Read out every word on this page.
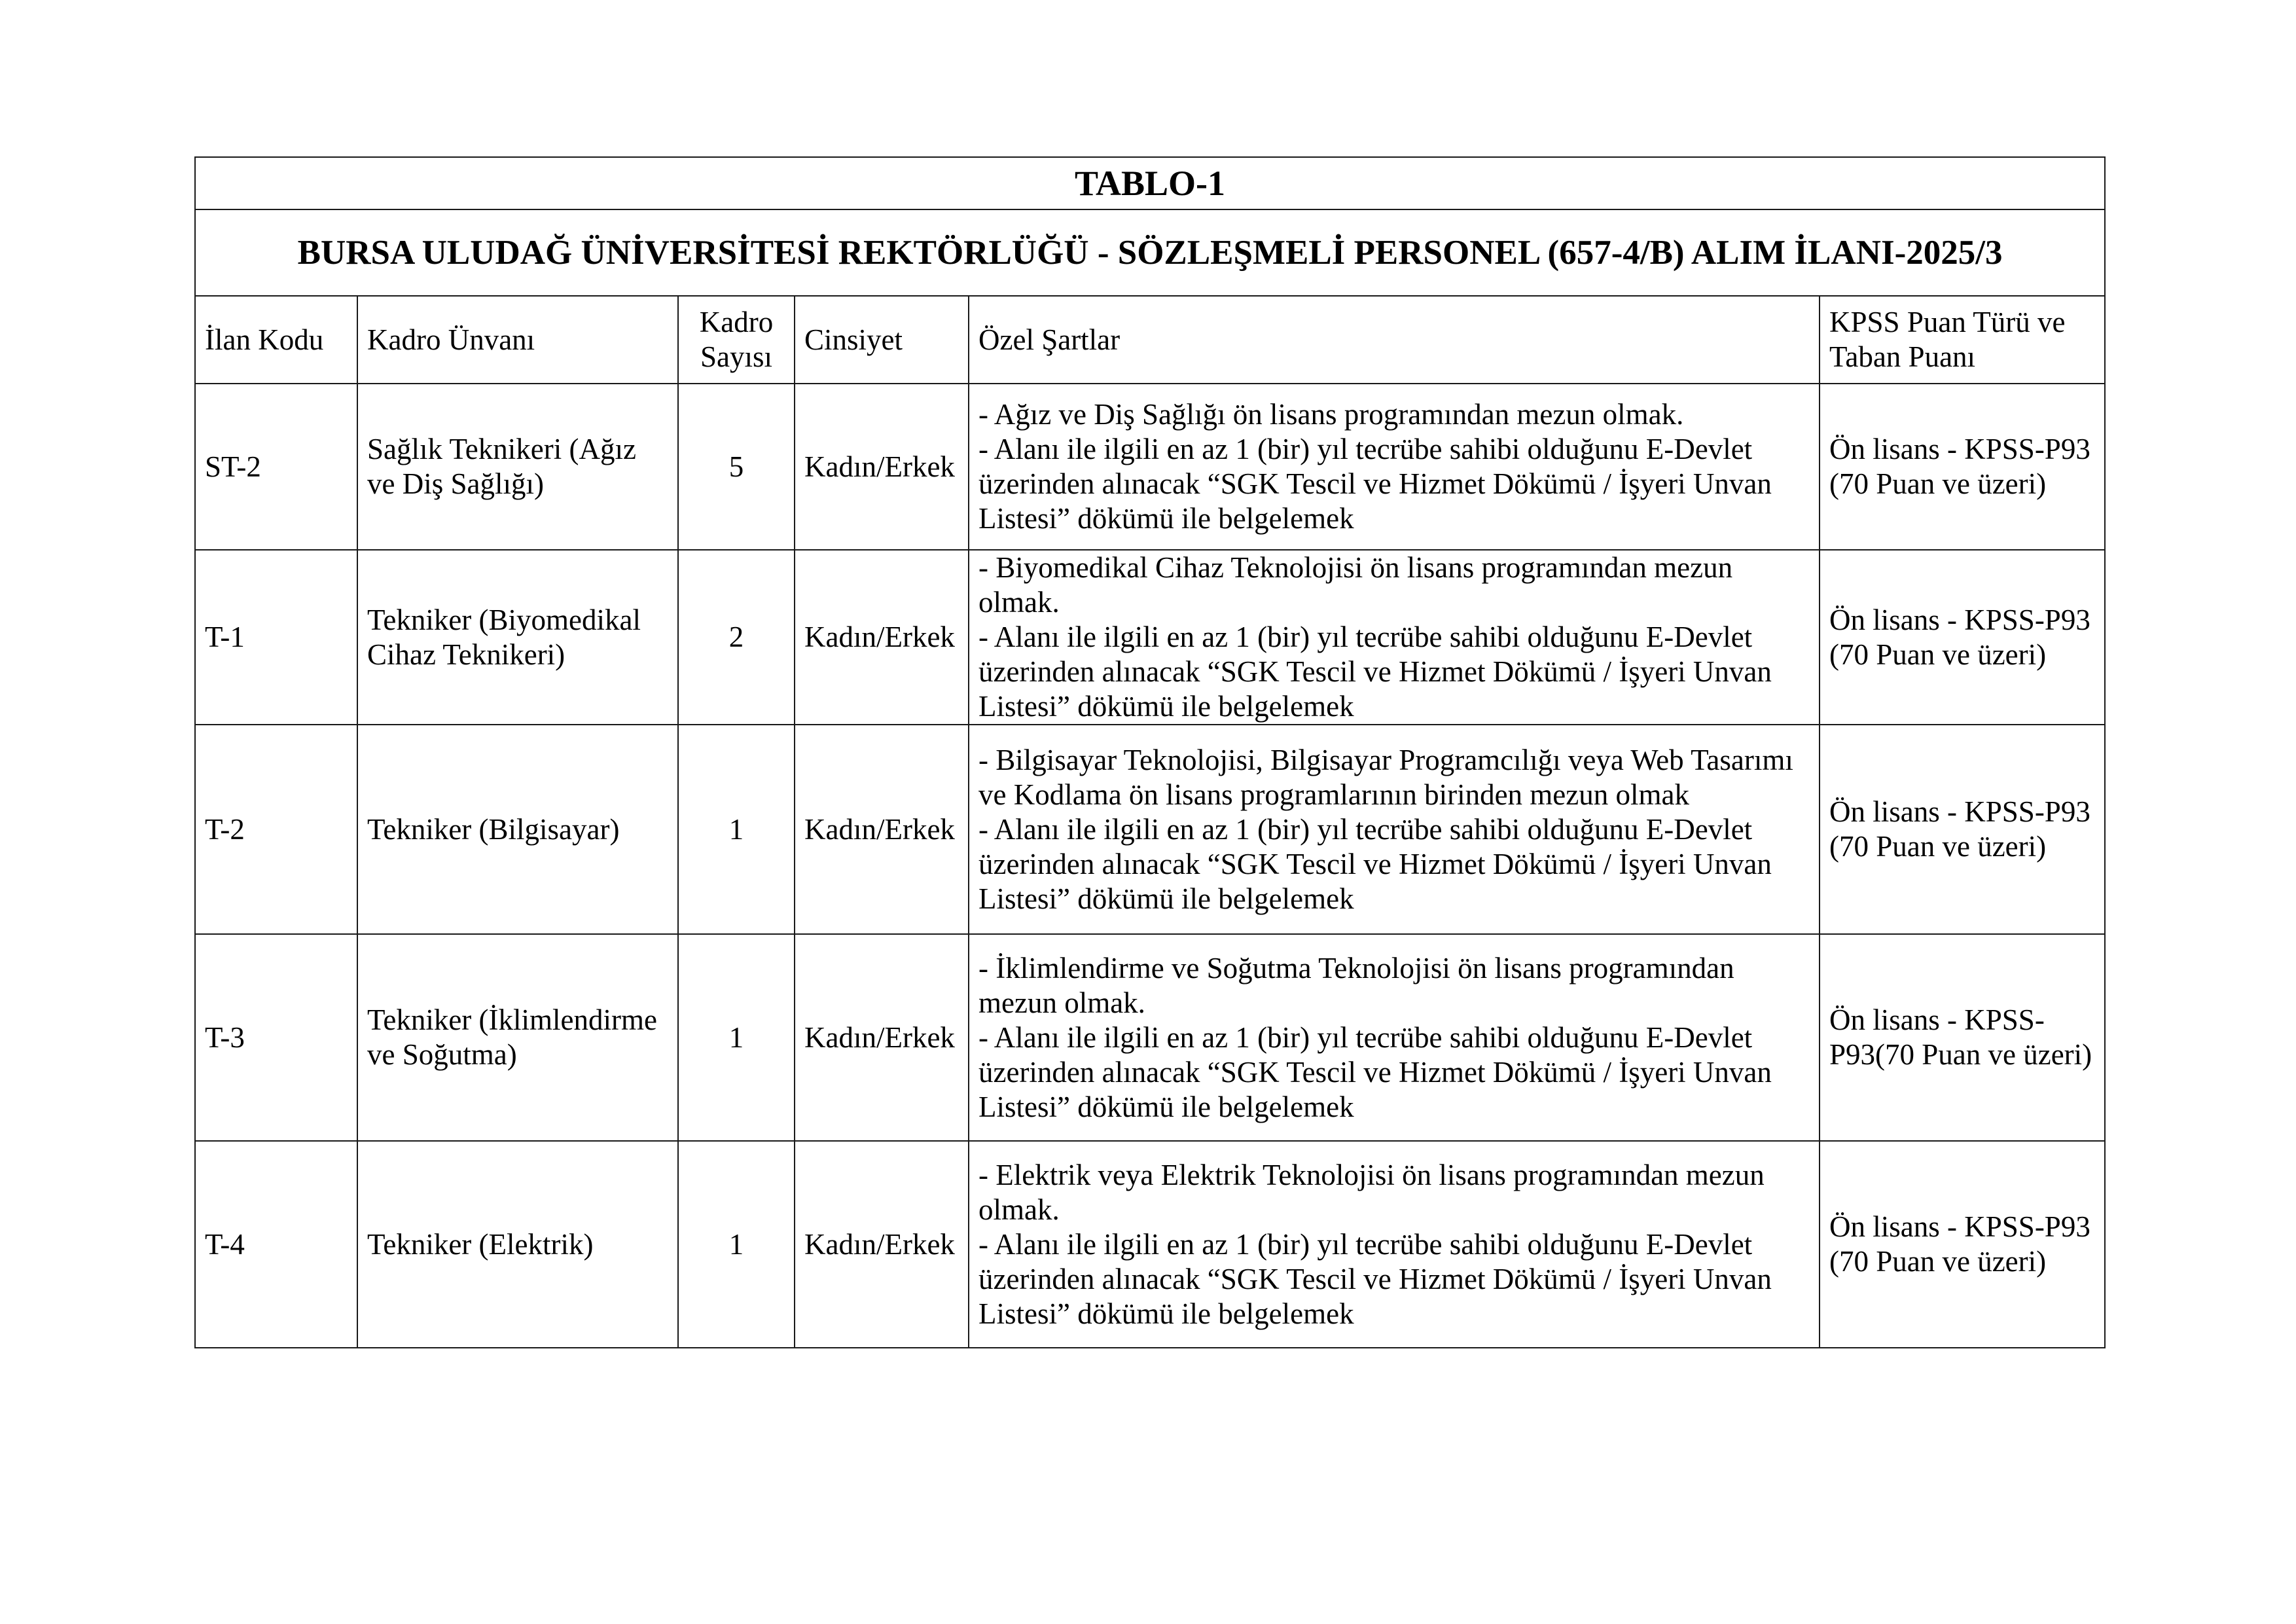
TABLO-1					
BURSA ULUDAĞ ÜNİVERSİTESİ REKTÖRLÜĞÜ - SÖZLEŞMELİ PERSONEL (657-4/B) ALIM İLANI-2025/3					
İlan Kodu	Kadro Ünvanı	Kadro Sayısı	Cinsiyet	Özel Şartlar	KPSS Puan Türü ve Taban Puanı
ST-2	Sağlık Teknikeri (Ağız ve Diş Sağlığı)	5	Kadın/Erkek	- Ağız ve Diş Sağlığı ön lisans programından mezun olmak.
- Alanı ile ilgili en az 1 (bir) yıl tecrübe sahibi olduğunu E-Devlet üzerinden alınacak “SGK Tescil ve Hizmet Dökümü / İşyeri Unvan Listesi” dökümü ile belgelemek	Ön lisans - KPSS-P93 (70 Puan ve üzeri)
T-1	Tekniker (Biyomedikal Cihaz Teknikeri)	2	Kadın/Erkek	- Biyomedikal Cihaz Teknolojisi ön lisans programından mezun olmak.
- Alanı ile ilgili en az 1 (bir) yıl tecrübe sahibi olduğunu E-Devlet üzerinden alınacak “SGK Tescil ve Hizmet Dökümü / İşyeri Unvan Listesi” dökümü ile belgelemek	Ön lisans - KPSS-P93 (70 Puan ve üzeri)
T-2	Tekniker (Bilgisayar)	1	Kadın/Erkek	- Bilgisayar Teknolojisi, Bilgisayar Programcılığı veya Web Tasarımı ve Kodlama ön lisans programlarının birinden mezun olmak
- Alanı ile ilgili en az 1 (bir) yıl tecrübe sahibi olduğunu E-Devlet üzerinden alınacak “SGK Tescil ve Hizmet Dökümü / İşyeri Unvan Listesi” dökümü ile belgelemek	Ön lisans - KPSS-P93 (70 Puan ve üzeri)
T-3	Tekniker (İklimlendirme ve Soğutma)	1	Kadın/Erkek	- İklimlendirme ve Soğutma Teknolojisi ön lisans programından mezun olmak.
- Alanı ile ilgili en az 1 (bir) yıl tecrübe sahibi olduğunu E-Devlet üzerinden alınacak “SGK Tescil ve Hizmet Dökümü / İşyeri Unvan Listesi” dökümü ile belgelemek	Ön lisans - KPSS-P93(70 Puan ve üzeri)
T-4	Tekniker (Elektrik)	1	Kadın/Erkek	- Elektrik veya Elektrik Teknolojisi ön lisans programından mezun olmak.
- Alanı ile ilgili en az 1 (bir) yıl tecrübe sahibi olduğunu E-Devlet üzerinden alınacak “SGK Tescil ve Hizmet Dökümü / İşyeri Unvan Listesi” dökümü ile belgelemek	Ön lisans - KPSS-P93 (70 Puan ve üzeri)
